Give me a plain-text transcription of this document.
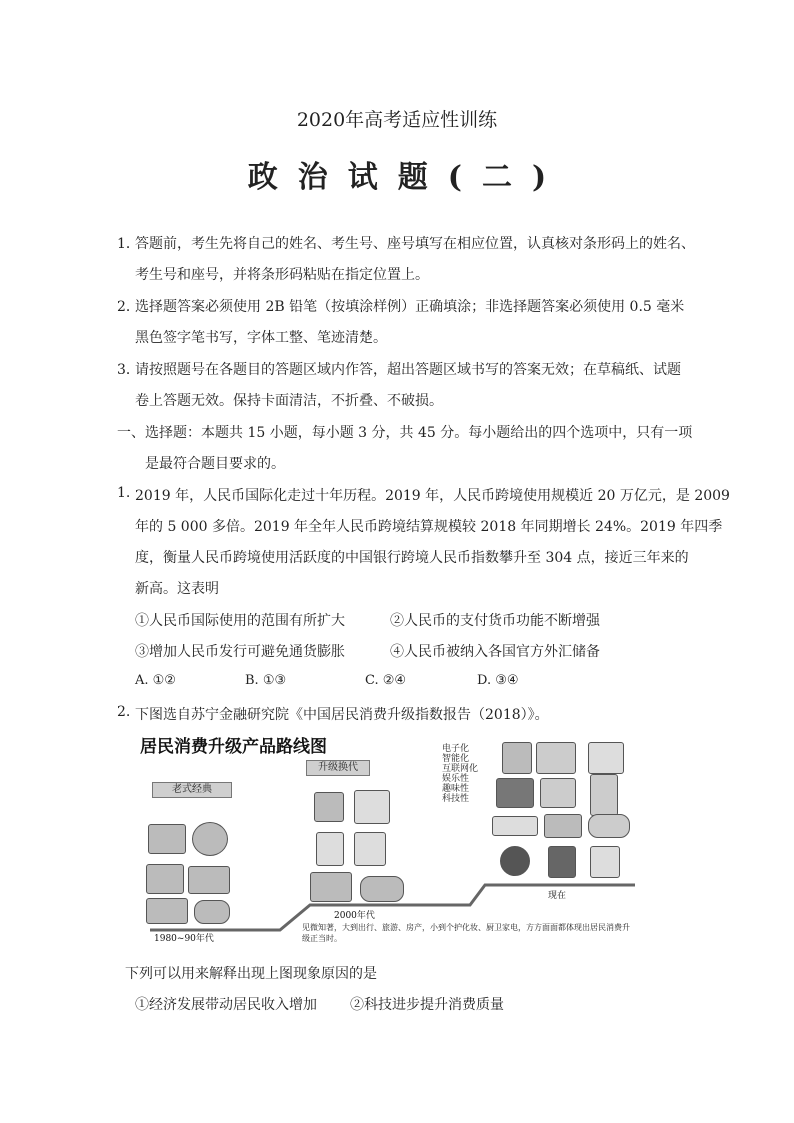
2020年高考适应性训练
政治试题(二)
1．
答题前，考生先将自己的姓名、考生号、座号填写在相应位置，认真核对条形码上的姓名、
考生号和座号，并将条形码粘贴在指定位置上。
2．
选择题答案必须使用 2B 铅笔（按填涂样例）正确填涂；非选择题答案必须使用 0.5 毫米
黑色签字笔书写，字体工整、笔迹清楚。
3．
请按照题号在各题目的答题区域内作答，超出答题区域书写的答案无效；在草稿纸、试题
卷上答题无效。保持卡面清洁，不折叠、不破损。
一、选择题：本题共 15 小题，每小题 3 分，共 45 分。每小题给出的四个选项中，只有一项
是最符合题目要求的。
1. 2019 年，人民币国际化走过十年历程。2019 年，人民币跨境使用规模近 20 万亿元，是 2009
年的 5 000 多倍。2019 年全年人民币跨境结算规模较 2018 年同期增长 24%。2019 年四季
度，衡量人民币跨境使用活跃度的中国银行跨境人民币指数攀升至 304 点，接近三年来的
新高。这表明
①人民币国际使用的范围有所扩大	②人民币的支付货币功能不断增强
③增加人民币发行可避免通货膨胀	④人民币被纳入各国官方外汇储备
A. ①②	B. ①③	C. ②④	D. ③④
2. 下图选自苏宁金融研究院《中国居民消费升级指数报告（2018）》。
居民消费升级产品路线图
老式经典
1980~90年代
升级换代
2000年代
见微知著，大到出行、旅游、房产，小到个护化妆、厨卫家电，方方面面都体现出居民消费升级正当时。
电子化
智能化
互联网化
娱乐性
趣味性
科技性
现在
下列可以用来解释出现上图现象原因的是
①经济发展带动居民收入增加 ②科技进步提升消费质量
